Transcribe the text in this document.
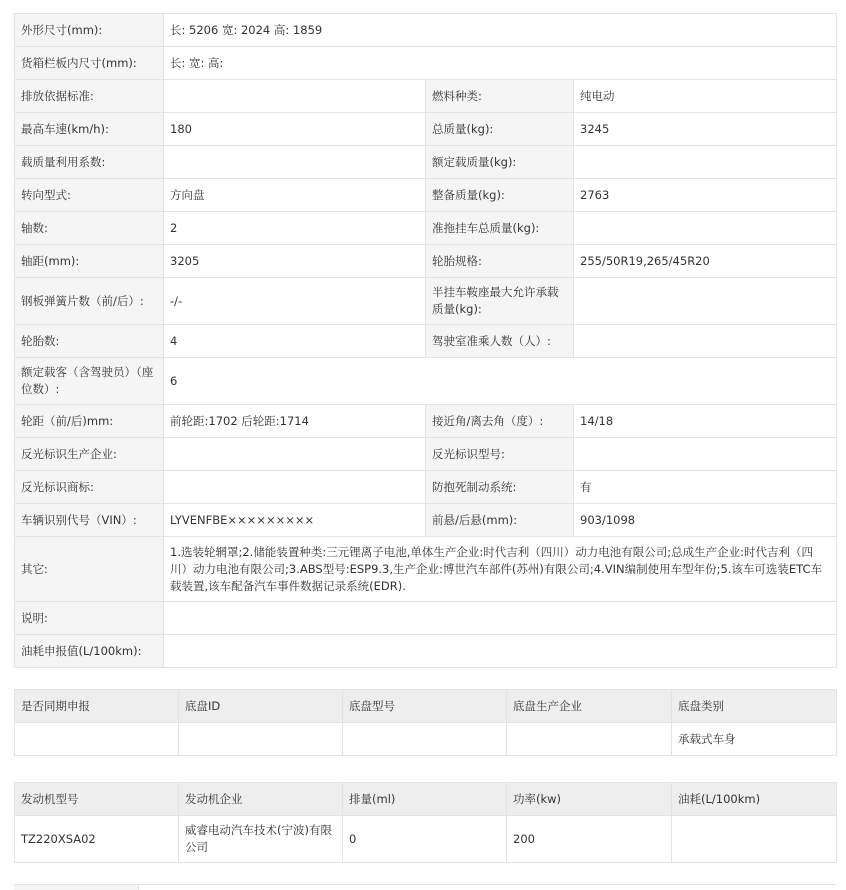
外形尺寸(mm):	长: 5206 宽: 2024 高: 1859		
货箱栏板内尺寸(mm):	长: 宽: 高:		
排放依据标准:		燃料种类:	纯电动
最高车速(km/h):	180	总质量(kg):	3245
载质量利用系数:		额定载质量(kg):	
转向型式:	方向盘	整备质量(kg):	2763
轴数:	2	准拖挂车总质量(kg):	
轴距(mm):	3205	轮胎规格:	255/50R19,265/45R20
钢板弹簧片数（前/后）:	-/-	半挂车鞍座最大允许承载质量(kg):	
轮胎数:	4	驾驶室准乘人数（人）:	
额定载客（含驾驶员）（座位数）:	6		
轮距（前/后)mm:	前轮距:1702 后轮距:1714	接近角/离去角（度）:	14/18
反光标识生产企业:		反光标识型号:	
反光标识商标:		防抱死制动系统:	有
车辆识别代号（VIN）:	LYVENFBE×××××××××	前悬/后悬(mm):	903/1098
其它:	1.选装轮辋罩;2.储能装置种类:三元锂离子电池,单体生产企业:时代吉利（四川）动力电池有限公司;总成生产企业:时代吉利（四川）动力电池有限公司;3.ABS型号:ESP9.3,生产企业:博世汽车部件(苏州)有限公司;4.VIN编制使用车型年份;5.该车可选装ETC车载装置,该车配备汽车事件数据记录系统(EDR).		
说明:			
油耗申报值(L/100km):			
是否同期申报	底盘ID	底盘型号	底盘生产企业	底盘类别
				承载式车身
发动机型号	发动机企业	排量(ml)	功率(kw)	油耗(L/100km)
TZ220XSA02	威睿电动汽车技术(宁波)有限公司	0	200	
